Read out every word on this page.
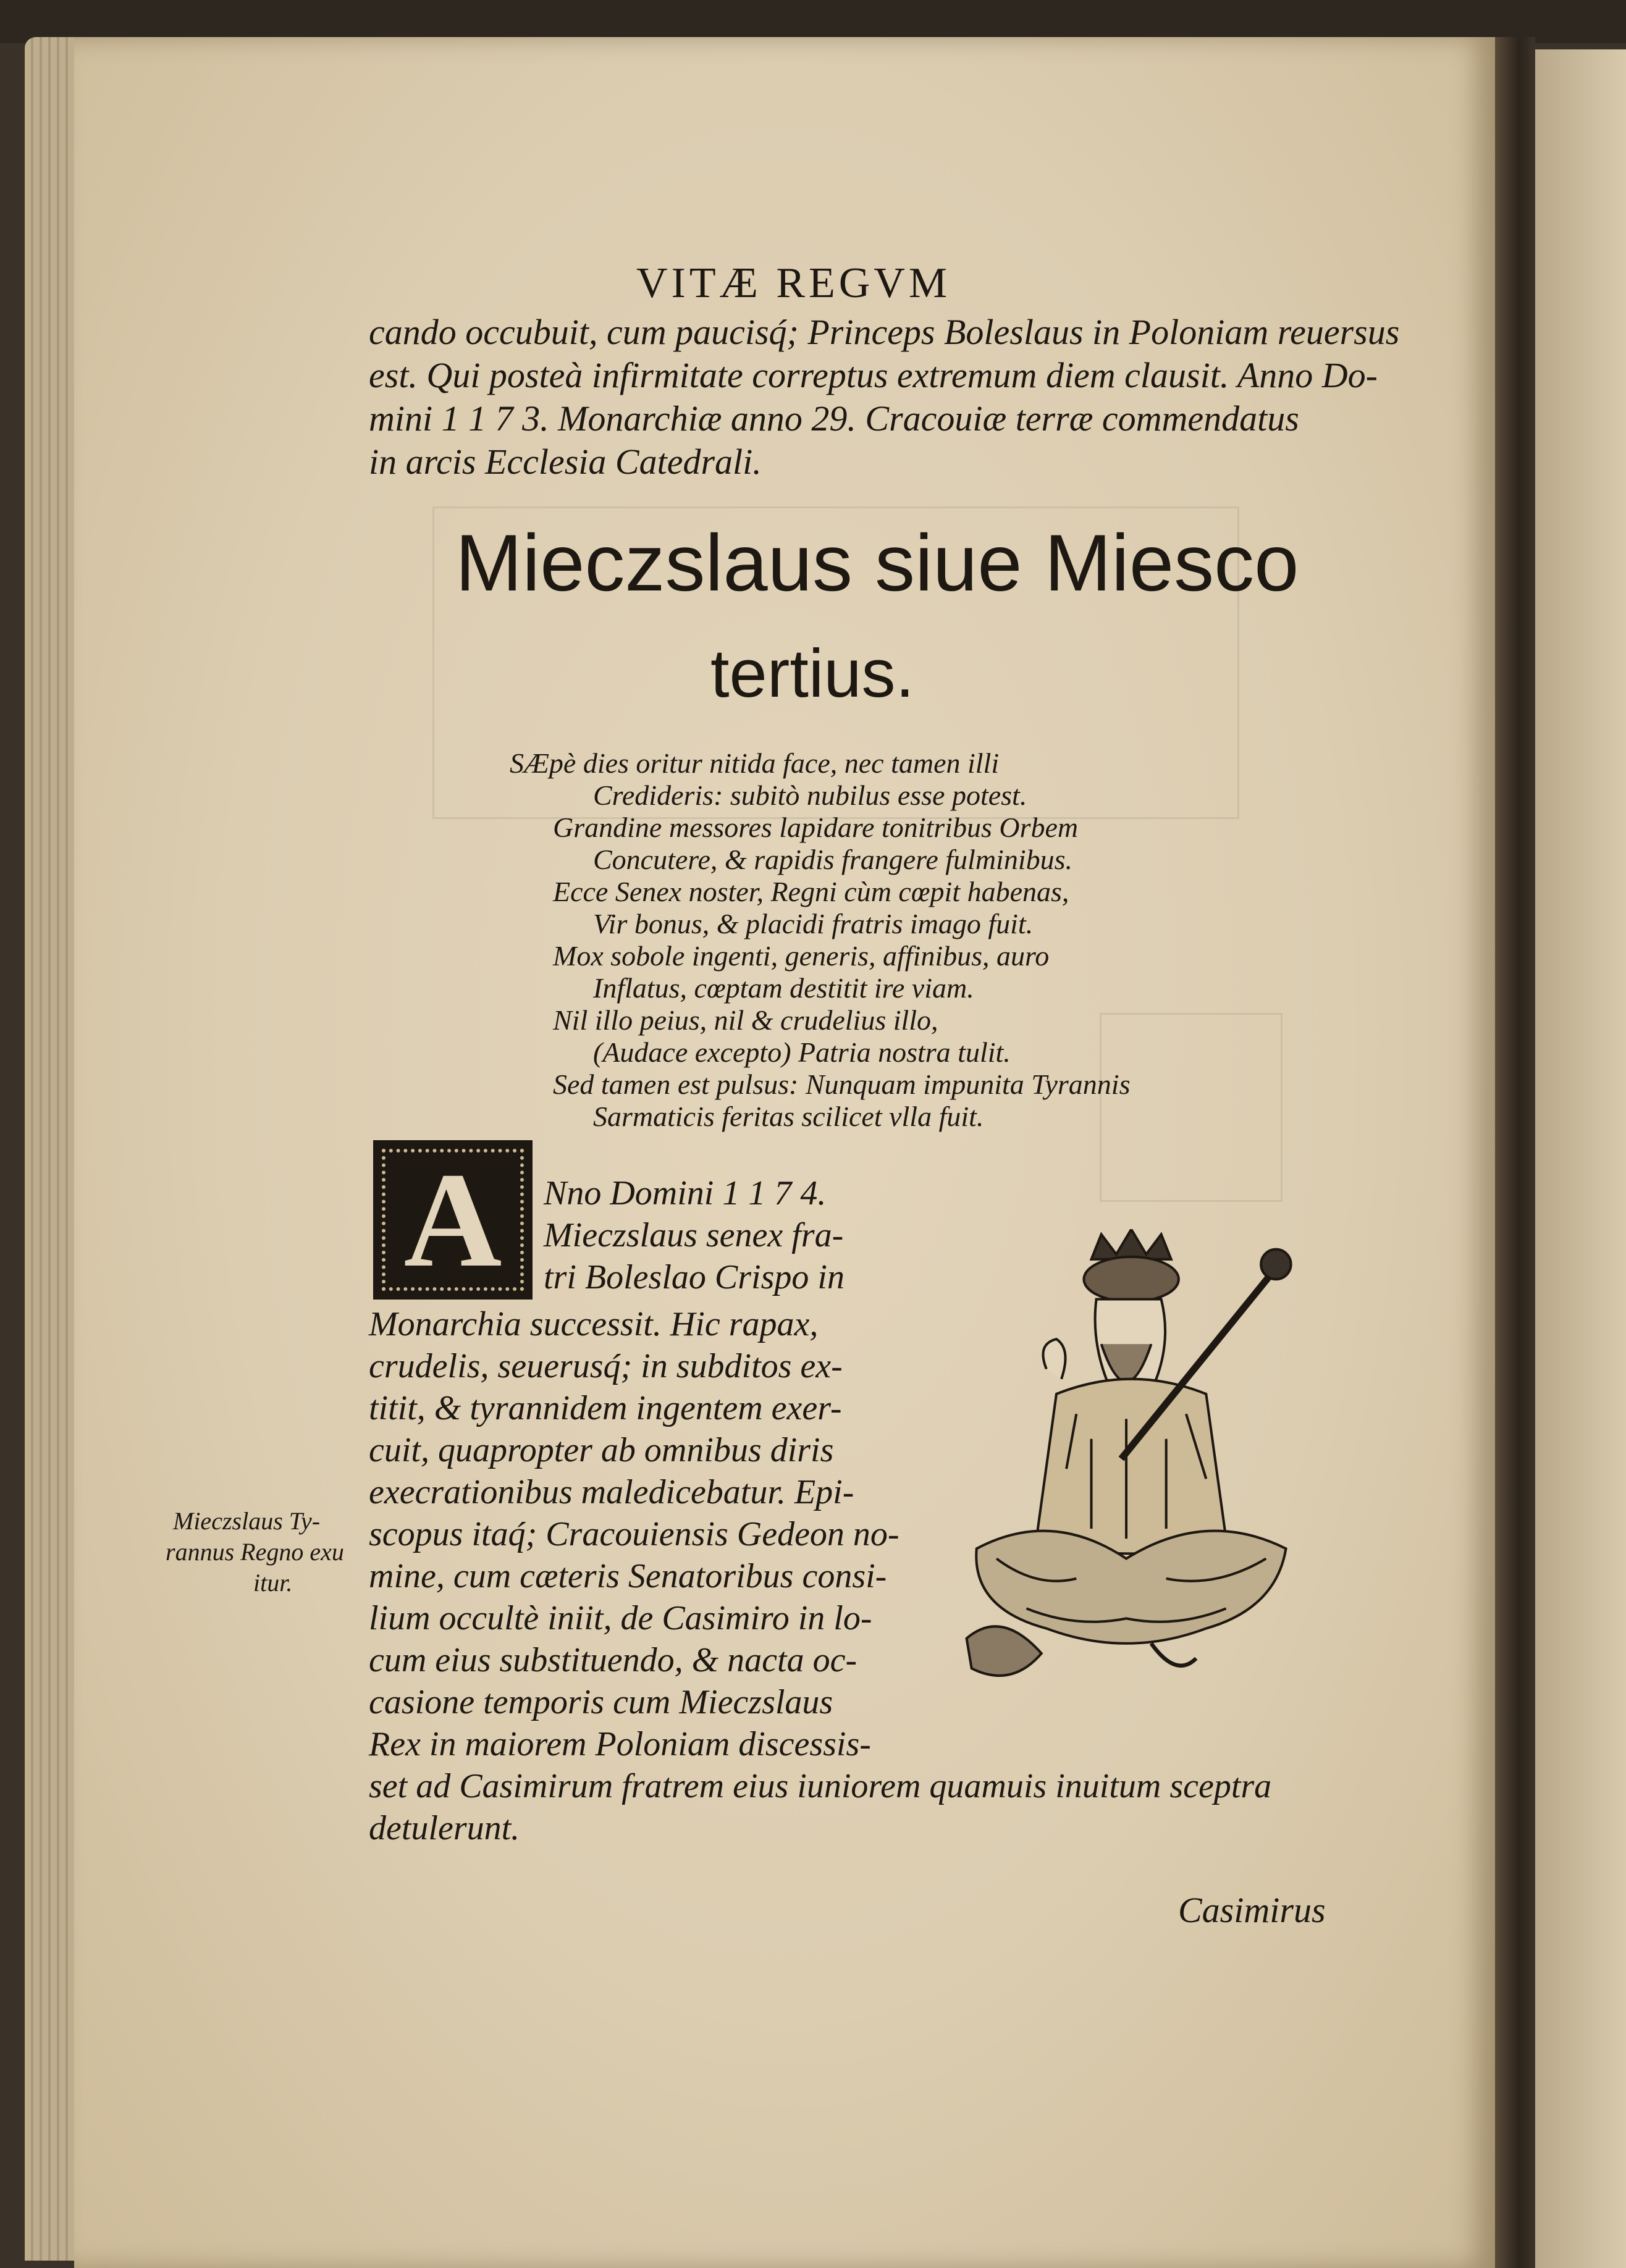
VITÆ REGVM
cando occubuit, cum paucisq́; Princeps Boleslaus in Poloniam reuersus
est. Qui posteà infirmitate correptus extremum diem clausit. Anno Do-
mini 1 1 7 3. Monarchiæ anno 29. Cracouiæ terræ commendatus
in arcis Ecclesia Catedrali.
Mieczslaus siue Miesco
tertius.
SÆpè dies oritur nitida face, nec tamen illi
Credideris: subitò nubilus esse potest.
Grandine messores lapidare tonitribus Orbem
Concutere, & rapidis frangere fulminibus.
Ecce Senex noster, Regni cùm cœpit habenas,
Vir bonus, & placidi fratris imago fuit.
Mox sobole ingenti, generis, affinibus, auro
Inflatus, cœptam destitit ire viam.
Nil illo peius, nil & crudelius illo,
(Audace excepto) Patria nostra tulit.
Sed tamen est pulsus: Nunquam impunita Tyrannis
Sarmaticis feritas scilicet vlla fuit.
A Nno Domini 1 1 7 4.
Mieczslaus senex fra-
tri Boleslao Crispo in
Monarchia successit. Hic rapax,
crudelis, seuerusq́; in subditos ex-
titit, & tyrannidem ingentem exer-
cuit, quapropter ab omnibus diris
execrationibus maledicebatur. Epi-
scopus itaq́; Cracouiensis Gedeon no-
mine, cum cæteris Senatoribus consi-
lium occultè iniit, de Casimiro in lo-
cum eius substituendo, & nacta oc-
casione temporis cum Mieczslaus
Rex in maiorem Poloniam discessis-
set ad Casimirum fratrem eius iuniorem quamuis inuitum sceptra
detulerunt.
Mieczslaus Ty-
rannus Regno exu
itur.
Casimirus
